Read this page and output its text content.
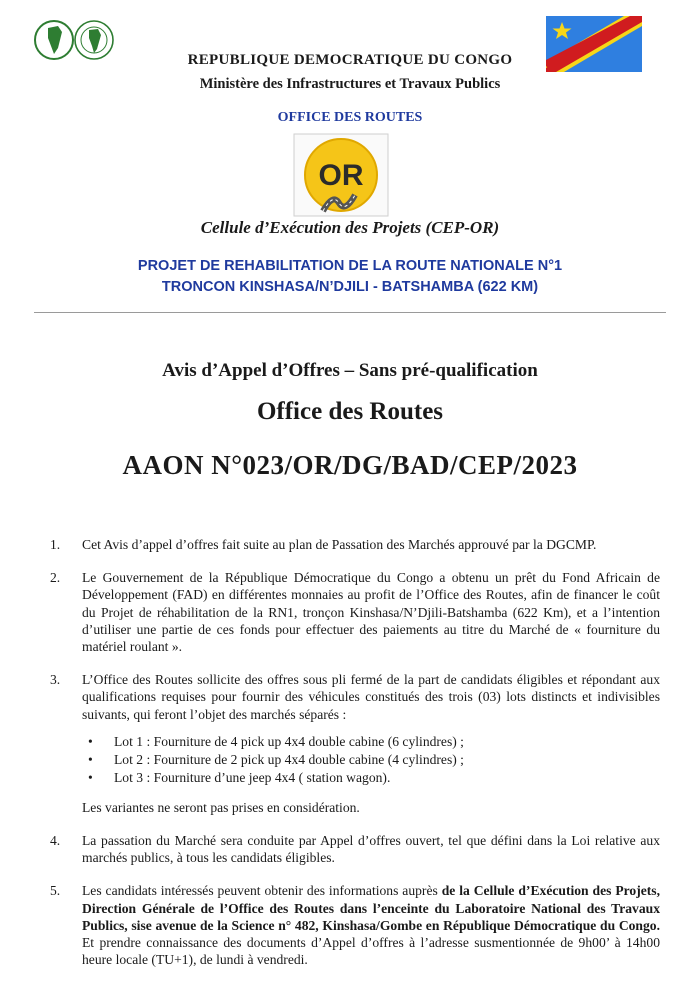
REPUBLIQUE DEMOCRATIQUE DU CONGO
Ministère des Infrastructures et Travaux Publics
OFFICE DES ROUTES
OR
Cellule d’Exécution des Projets (CEP-OR)
PROJET DE REHABILITATION DE LA ROUTE NATIONALE N°1
TRONCON KINSHASA/N’DJILI - BATSHAMBA (622 KM)
Avis d’Appel d’Offres – Sans pré-qualification
Office des Routes
AAON N°023/OR/DG/BAD/CEP/2023
1.	Cet Avis d’appel d’offres fait suite au plan de Passation des Marchés approuvé par la DGCMP.
2.	Le Gouvernement de la République Démocratique du Congo a obtenu un prêt du Fond Africain de Développement (FAD) en différentes monnaies au profit de l’Office des Routes, afin de financer le coût du Projet de réhabilitation de la RN1, tronçon Kinshasa/N’Djili-Batshamba (622 Km), et a l’intention d’utiliser une partie de ces fonds pour effectuer des paiements au titre du Marché de « fourniture du matériel roulant ».
3.	L’Office des Routes sollicite des offres sous pli fermé de la part de candidats éligibles et répondant aux qualifications requises pour fournir des véhicules constitués des trois (03) lots distincts et indivisibles suivants, qui feront l’objet des marchés séparés :

•	Lot 1 : Fourniture de 4 pick up 4x4 double cabine (6 cylindres) ;
•	Lot 2 : Fourniture de 2 pick up 4x4 double cabine (4 cylindres) ;
•	Lot 3 : Fourniture d’une jeep 4x4 ( station wagon).

Les variantes ne seront pas prises en considération.

4.	La passation du Marché sera conduite par Appel d’offres ouvert, tel que défini dans la Loi relative aux marchés publics, à tous les candidats éligibles.
5.	Les candidats intéressés peuvent obtenir des informations auprès de la Cellule d’Exécution des Projets, Direction Générale de l’Office des Routes dans l’enceinte du Laboratoire National des Travaux Publics, sise avenue de la Science n° 482, Kinshasa/Gombe en République Démocratique du Congo. Et prendre connaissance des documents d’Appel d’offres à l’adresse susmentionnée de 9h00’ à 14h00 heure locale (TU+1), de lundi à vendredi.
